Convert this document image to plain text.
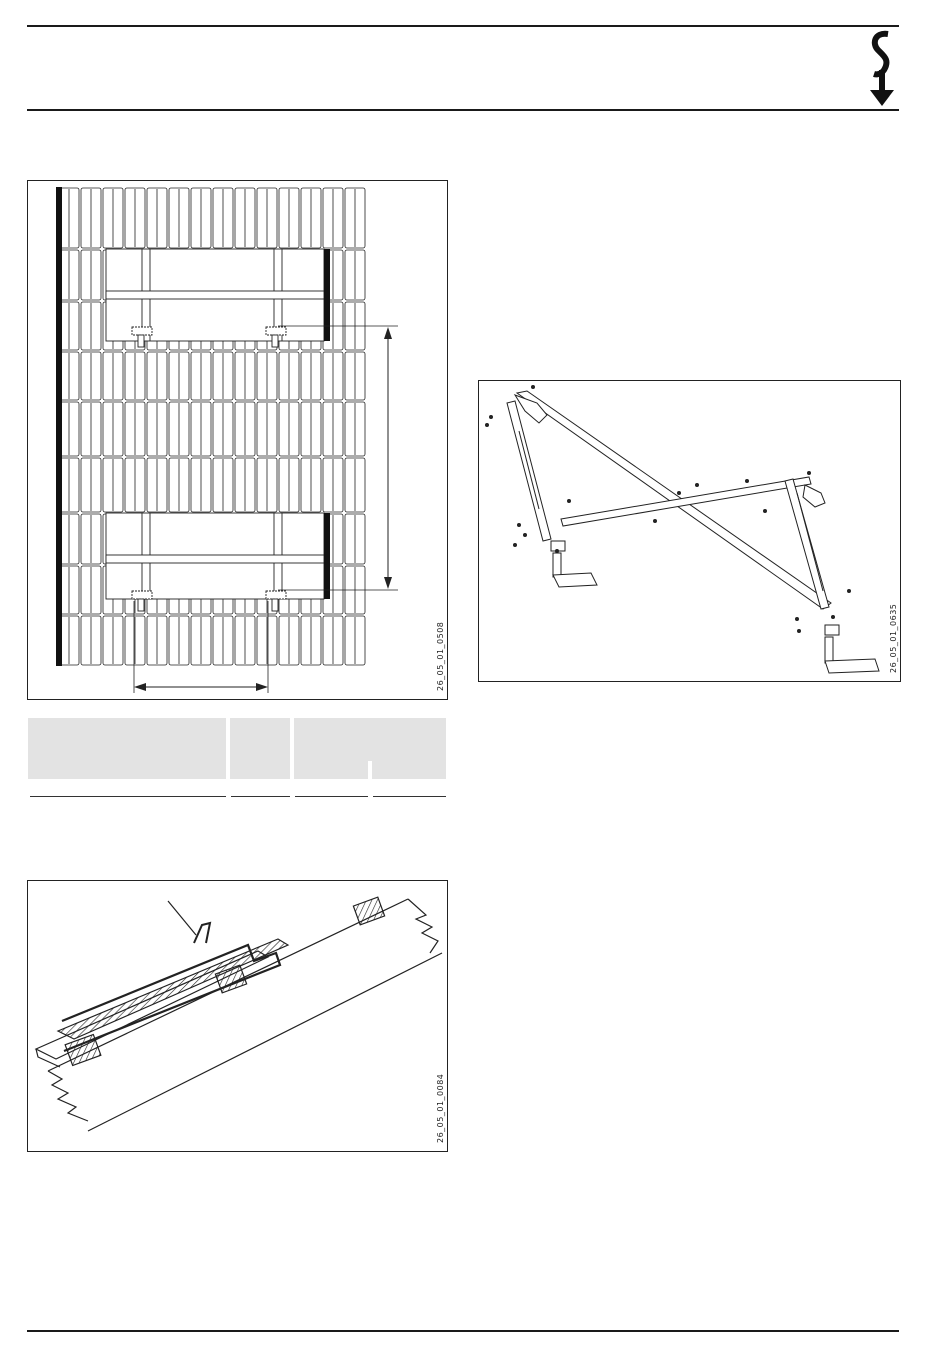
26_05_01_0508	26_05_01_0635
26_05_01_0084
